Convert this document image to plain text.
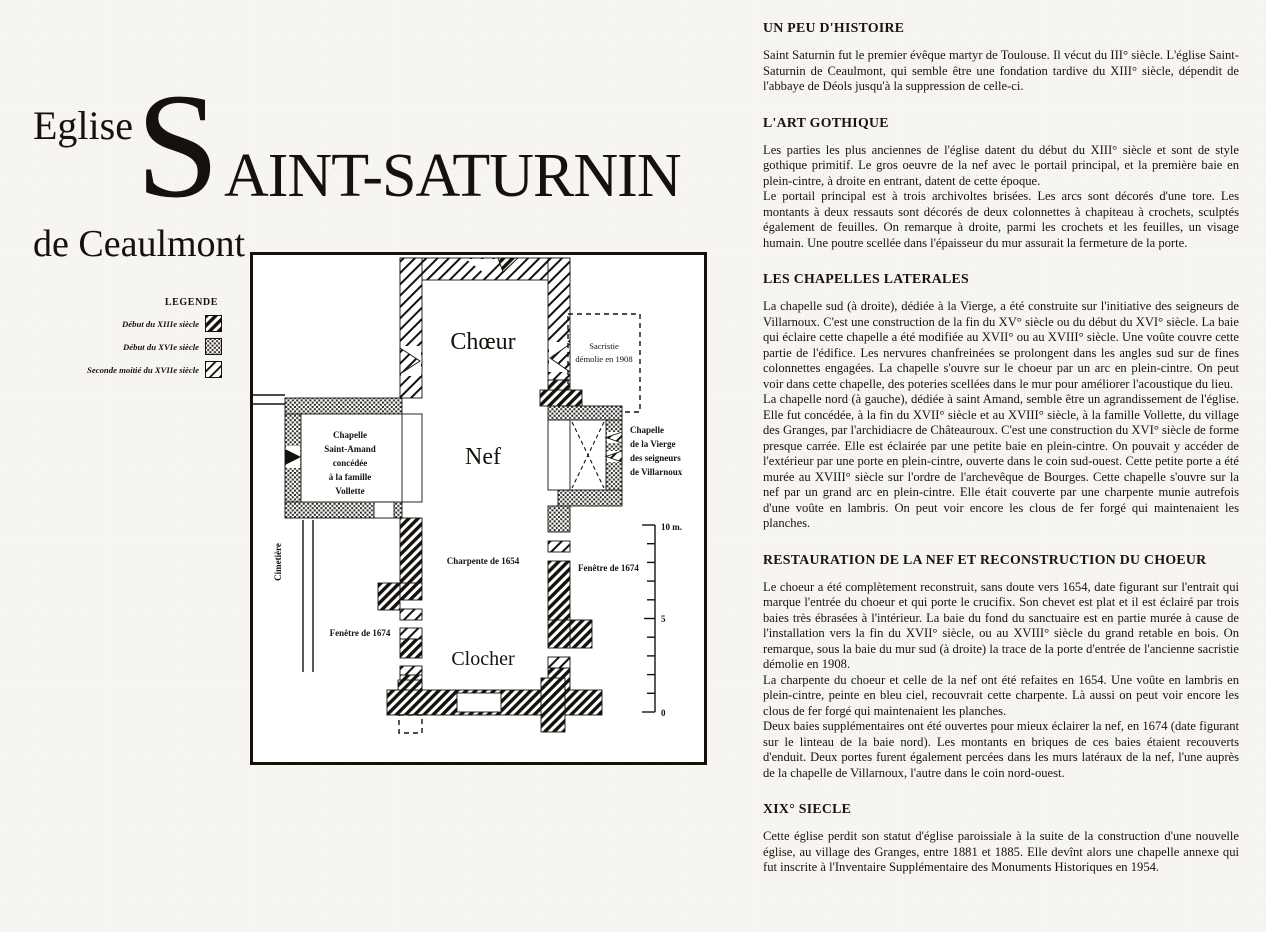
Eglise S AINT-SATURNIN
de Ceaulmont
LEGENDE
Début du XIIIe siècle
Début du XVIe siècle
Seconde moitié du XVIIe siècle
10 m.
5
0
Chœur
Nef
Charpente de 1654
Clocher
Sacristie
démolie en 1908
Chapelle
Saint-Amand
concédée
à la famille
Vollette
Chapelle
de la Vierge
des seigneurs
de Villarnoux
Fenêtre de 1674
Fenêtre de 1674
Cimetière
UN PEU D'HISTOIRE

Saint Saturnin fut le premier évêque martyr de Toulouse. Il vécut du III° siècle. L'église Saint-Saturnin de Ceaulmont, qui semble être une fondation tardive du XIII° siècle, dépendit de l'abbaye de Déols jusqu'à la suppression de celle-ci.

L'ART GOTHIQUE

Les parties les plus anciennes de l'église datent du début du XIII° siècle et sont de style gothique primitif. Le gros oeuvre de la nef avec le portail principal, et la première baie en plein-cintre, à droite en entrant, datent de cette époque.

Le portail principal est à trois archivoltes brisées. Les arcs sont décorés d'une tore. Les montants à deux ressauts sont décorés de deux colonnettes à chapiteau à crochets, sculptés également de feuilles. On remarque à droite, parmi les crochets et les feuilles, un visage humain. Une poutre scellée dans l'épaisseur du mur assurait la fermeture de la porte.

LES CHAPELLES LATERALES

La chapelle sud (à droite), dédiée à la Vierge, a été construite sur l'initiative des seigneurs de Villarnoux. C'est une construction de la fin du XV° siècle ou du début du XVI° siècle. La baie qui éclaire cette chapelle a été modifiée au XVII° ou au XVIII° siècle. Une voûte couvre cette partie de l'édifice. Les nervures chanfreinées se prolongent dans les angles sud sur de fines colonnettes engagées. La chapelle s'ouvre sur le choeur par un arc en plein-cintre. On peut voir dans cette chapelle, des poteries scellées dans le mur pour améliorer l'acoustique du lieu.

La chapelle nord (à gauche), dédiée à saint Amand, semble être un agrandissement de l'église. Elle fut concédée, à la fin du XVII° siècle et au XVIII° siècle, à la famille Vollette, du village des Granges, par l'archidiacre de Châteauroux. C'est une construction du XVI° siècle de forme presque carrée. Elle est éclairée par une petite baie en plein-cintre. On pouvait y accéder de l'extérieur par une porte en plein-cintre, ouverte dans le coin sud-ouest. Cette petite porte a été murée au XVIII° siècle sur l'ordre de l'archevêque de Bourges. Cette chapelle s'ouvre sur la nef par un grand arc en plein-cintre. Elle était couverte par une charpente munie autrefois d'une voûte en lambris. On peut voir encore les clous de fer forgé qui maintenaient les planches.

RESTAURATION DE LA NEF ET RECONSTRUCTION DU CHOEUR

Le choeur a été complètement reconstruit, sans doute vers 1654, date figurant sur l'entrait qui marque l'entrée du choeur et qui porte le crucifix. Son chevet est plat et il est éclairé par trois baies très ébrasées à l'intérieur. La baie du fond du sanctuaire est en partie murée à cause de l'installation vers la fin du XVII° siècle, ou au XVIII° siècle du grand retable en bois. On remarque, sous la baie du mur sud (à droite) la trace de la porte d'entrée de l'ancienne sacristie démolie en 1908.

La charpente du choeur et celle de la nef ont été refaites en 1654. Une voûte en lambris en plein-cintre, peinte en bleu ciel, recouvrait cette charpente. Là aussi on peut voir encore les clous de fer forgé qui maintenaient les planches.

Deux baies supplémentaires ont été ouvertes pour mieux éclairer la nef, en 1674 (date figurant sur le linteau de la baie nord). Les montants en briques de ces baies étaient recouverts d'enduit. Deux portes furent également percées dans les murs latéraux de la nef, l'une auprès de la chapelle de Villarnoux, l'autre dans le coin nord-ouest.

XIX° SIECLE

Cette église perdit son statut d'église paroissiale à la suite de la construction d'une nouvelle église, au village des Granges, entre 1881 et 1885. Elle devînt alors une chapelle annexe qui fut inscrite à l'Inventaire Supplémentaire des Monuments Historiques en 1954.
